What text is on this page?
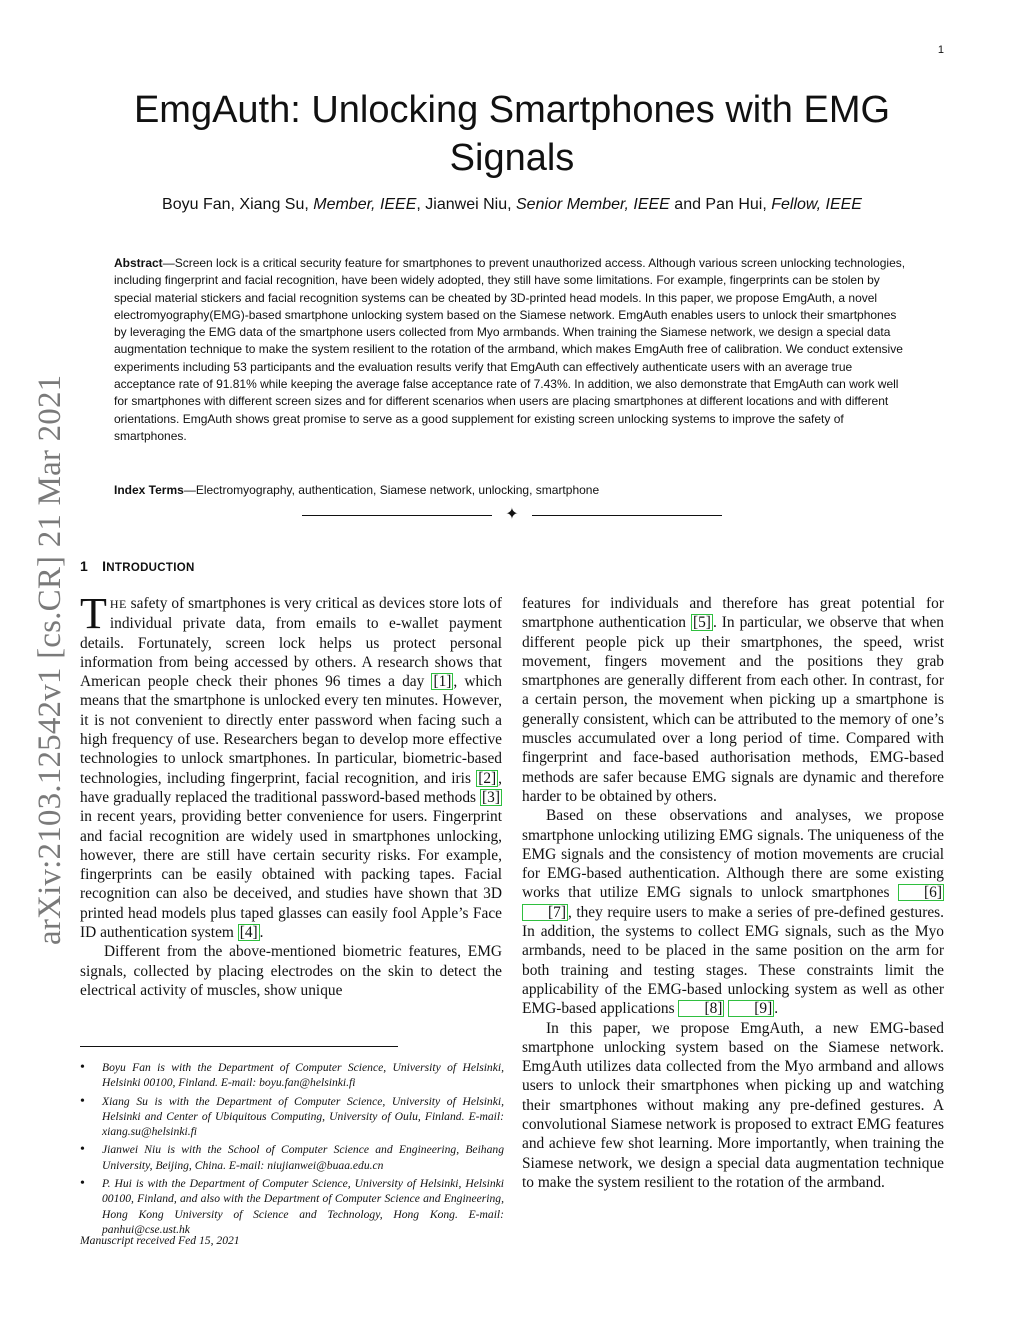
1
arXiv:2103.12542v1 [cs.CR] 21 Mar 2021
EmgAuth: Unlocking Smartphones with EMG
Signals
Boyu Fan, Xiang Su, Member, IEEE, Jianwei Niu, Senior Member, IEEE and Pan Hui, Fellow, IEEE
Abstract—Screen lock is a critical security feature for smartphones to prevent unauthorized access. Although various screen unlocking technologies, including fingerprint and facial recognition, have been widely adopted, they still have some limitations. For example, fingerprints can be stolen by special material stickers and facial recognition systems can be cheated by 3D-printed head models. In this paper, we propose EmgAuth, a novel electromyography(EMG)-based smartphone unlocking system based on the Siamese network. EmgAuth enables users to unlock their smartphones by leveraging the EMG data of the smartphone users collected from Myo armbands. When training the Siamese network, we design a special data augmentation technique to make the system resilient to the rotation of the armband, which makes EmgAuth free of calibration. We conduct extensive experiments including 53 participants and the evaluation results verify that EmgAuth can effectively authenticate users with an average true acceptance rate of 91.81% while keeping the average false acceptance rate of 7.43%. In addition, we also demonstrate that EmgAuth can work well for smartphones with different screen sizes and for different scenarios when users are placing smartphones at different locations and with different orientations. EmgAuth shows great promise to serve as a good supplement for existing screen unlocking systems to improve the safety of smartphones.
Index Terms—Electromyography, authentication, Siamese network, unlocking, smartphone
✦
1 INTRODUCTION

THE safety of smartphones is very critical as devices store lots of individual private data, from emails to e-wallet payment details. Fortunately, screen lock helps us protect personal information from being accessed by others. A research shows that American people check their phones 96 times a day [1] , which means that the smartphone is unlocked every ten minutes. However, it is not convenient to directly enter password when facing such a high frequency of use. Researchers began to develop more effective technologies to unlock smartphones. In particular, biometric-based technologies, including fingerprint, facial recognition, and iris [2] , have gradually replaced the traditional password-based methods [3] in recent years, providing better convenience for users. Fingerprint and facial recognition are widely used in smartphones unlocking, however, there are still have certain security risks. For example, fingerprints can be easily obtained with packing tapes. Facial recognition can also be deceived, and studies have shown that 3D printed head models plus taped glasses can easily fool Apple’s Face ID authentication system [4] .

Different from the above-mentioned biometric features, EMG signals, collected by placing electrodes on the skin to detect the electrical activity of muscles, show unique

features for individuals and therefore has great potential for smartphone authentication [5] . In particular, we observe that when different people pick up their smartphones, the speed, wrist movement, fingers movement and the positions they grab smartphones are generally different from each other. In contrast, for a certain person, the movement when picking up a smartphone is generally consistent, which can be attributed to the memory of one’s muscles accumulated over a long period of time. Compared with fingerprint and face-based authorisation methods, EMG-based methods are safer because EMG signals are dynamic and therefore harder to be obtained by others.

Based on these observations and analyses, we propose smartphone unlocking utilizing EMG signals. The uniqueness of the EMG signals and the consistency of motion movements are crucial for EMG-based authentication. Although there are some existing works that utilize EMG signals to unlock smartphones [6] [7] , they require users to make a series of pre-defined gestures. In addition, the systems to collect EMG signals, such as the Myo armbands, need to be placed in the same position on the arm for both training and testing stages. These constraints limit the applicability of the EMG-based unlocking system as well as other EMG-based applications [8] [9] .

In this paper, we propose EmgAuth, a new EMG-based smartphone unlocking system based on the Siamese network. EmgAuth utilizes data collected from the Myo armband and allows users to unlock their smartphones when picking up and watching their smartphones without making any pre-defined gestures. A convolutional Siamese network is proposed to extract EMG features and achieve few shot learning. More importantly, when training the Siamese network, we design a special data augmentation technique to make the system resilient to the rotation of the armband.

• Boyu Fan is with the Department of Computer Science, University of Helsinki, Helsinki 00100, Finland. E-mail: boyu.fan@helsinki.fi
• Xiang Su is with the Department of Computer Science, University of Helsinki, Helsinki and Center of Ubiquitous Computing, University of Oulu, Finland. E-mail: xiang.su@helsinki.fi
• Jianwei Niu is with the School of Computer Science and Engineering, Beihang University, Beijing, China. E-mail: niujianwei@buaa.edu.cn
• P. Hui is with the Department of Computer Science, University of Helsinki, Helsinki 00100, Finland, and also with the Department of Computer Science and Engineering, Hong Kong University of Science and Technology, Hong Kong. E-mail: panhui@cse.ust.hk
Manuscript received Fed 15, 2021
